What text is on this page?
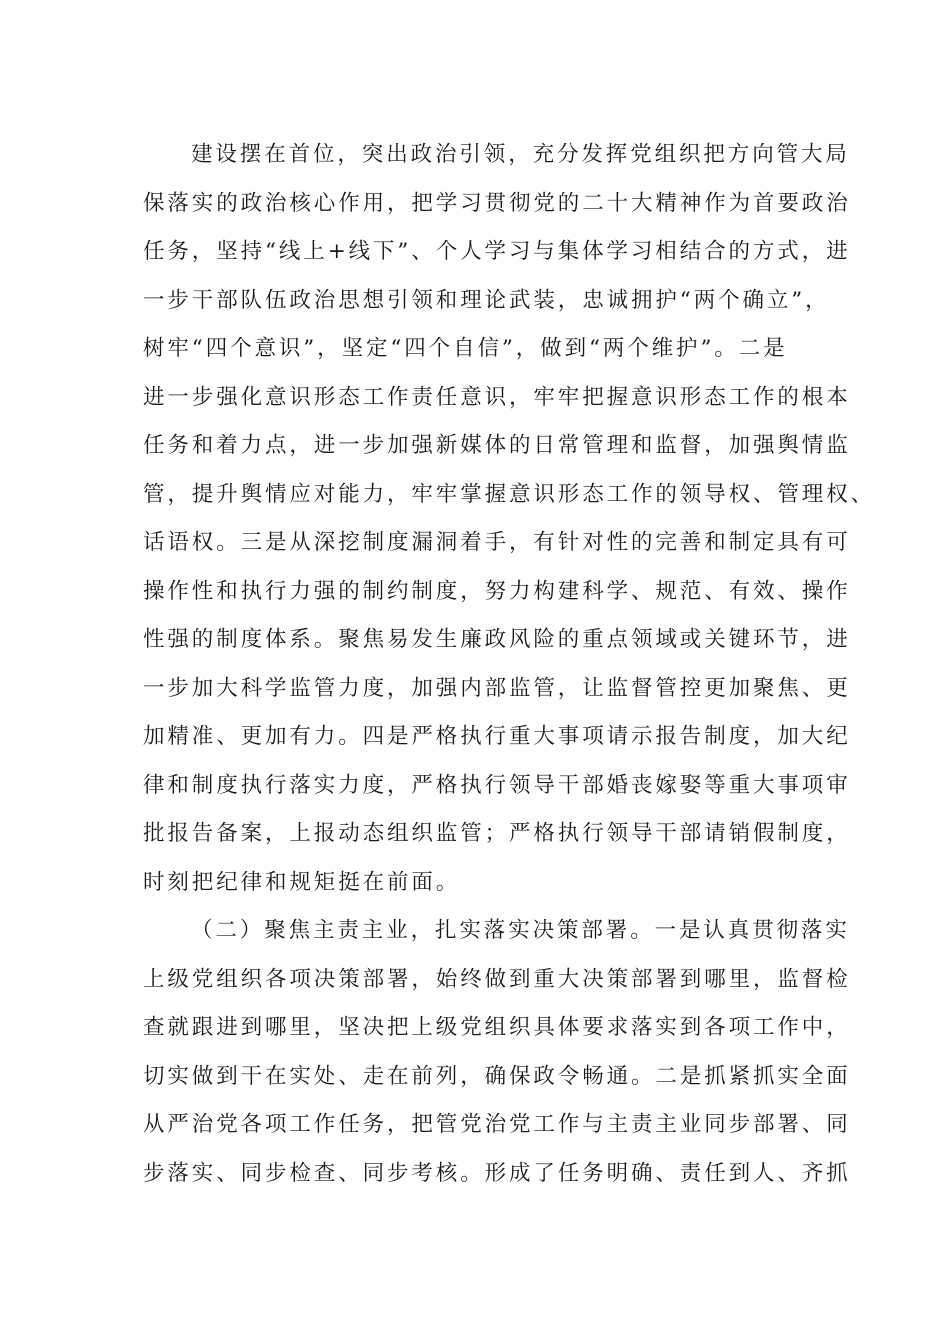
建设摆在首位，突出政治引领，充分发挥党组织把方向管大局
保落实的政治核心作用，把学习贯彻党的二十大精神作为首要政治
任务，坚持“线上+线下”、个人学习与集体学习相结合的方式，进
一步干部队伍政治思想引领和理论武装，忠诚拥护“两个确立”，
树牢“四个意识”，坚定“四个自信”，做到“两个维护”。二是
进一步强化意识形态工作责任意识，牢牢把握意识形态工作的根本
任务和着力点，进一步加强新媒体的日常管理和监督，加强舆情监
管，提升舆情应对能力，牢牢掌握意识形态工作的领导权、管理权、
话语权。三是从深挖制度漏洞着手，有针对性的完善和制定具有可
操作性和执行力强的制约制度，努力构建科学、规范、有效、操作
性强的制度体系。聚焦易发生廉政风险的重点领域或关键环节，进
一步加大科学监管力度，加强内部监管，让监督管控更加聚焦、更
加精准、更加有力。四是严格执行重大事项请示报告制度，加大纪
律和制度执行落实力度，严格执行领导干部婚丧嫁娶等重大事项审
批报告备案，上报动态组织监管；严格执行领导干部请销假制度，
时刻把纪律和规矩挺在前面。
（二）聚焦主责主业，扎实落实决策部署。一是认真贯彻落实
上级党组织各项决策部署，始终做到重大决策部署到哪里，监督检
查就跟进到哪里，坚决把上级党组织具体要求落实到各项工作中，
切实做到干在实处、走在前列，确保政令畅通。二是抓紧抓实全面
从严治党各项工作任务，把管党治党工作与主责主业同步部署、同
步落实、同步检查、同步考核。形成了任务明确、责任到人、齐抓
